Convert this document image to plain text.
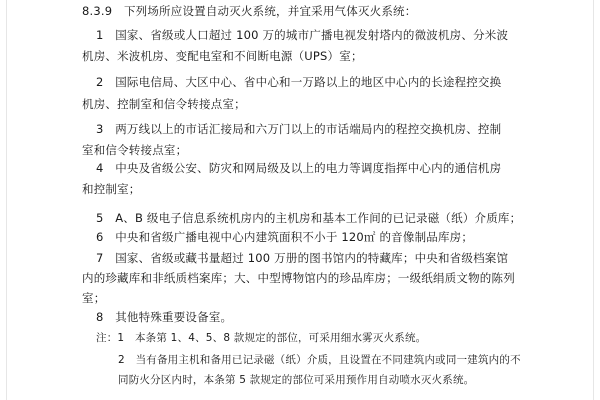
8.3.9　下列场所应设置自动灭火系统，并宜采用气体灭火系统：
1　国家、省级或人口超过 100 万的城市广播电视发射塔内的微波机房、分米波
机房、米波机房、变配电室和不间断电源（UPS）室；
2　国际电信局、大区中心、省中心和一万路以上的地区中心内的长途程控交换
机房、控制室和信令转接点室；
3　两万线以上的市话汇接局和六万门以上的市话端局内的程控交换机房、控制
室和信令转接点室；
4　中央及省级公安、防灾和网局级及以上的电力等调度指挥中心内的通信机房
和控制室；
5　A、B 级电子信息系统机房内的主机房和基本工作间的已记录磁（纸）介质库；
6　中央和省级广播电视中心内建筑面积不小于 120㎡ 的音像制品库房；
7　国家、省级或藏书量超过 100 万册的图书馆内的特藏库；中央和省级档案馆
内的珍藏库和非纸质档案库；大、中型博物馆内的珍品库房；一级纸绢质文物的陈列
室；
8　其他特殊重要设备室。
注：1　本条第 1、4、5、8 款规定的部位，可采用细水雾灭火系统。
2　当有备用主机和备用已记录磁（纸）介质，且设置在不同建筑内或同一建筑内的不
同防火分区内时，本条第 5 款规定的部位可采用预作用自动喷水灭火系统。
